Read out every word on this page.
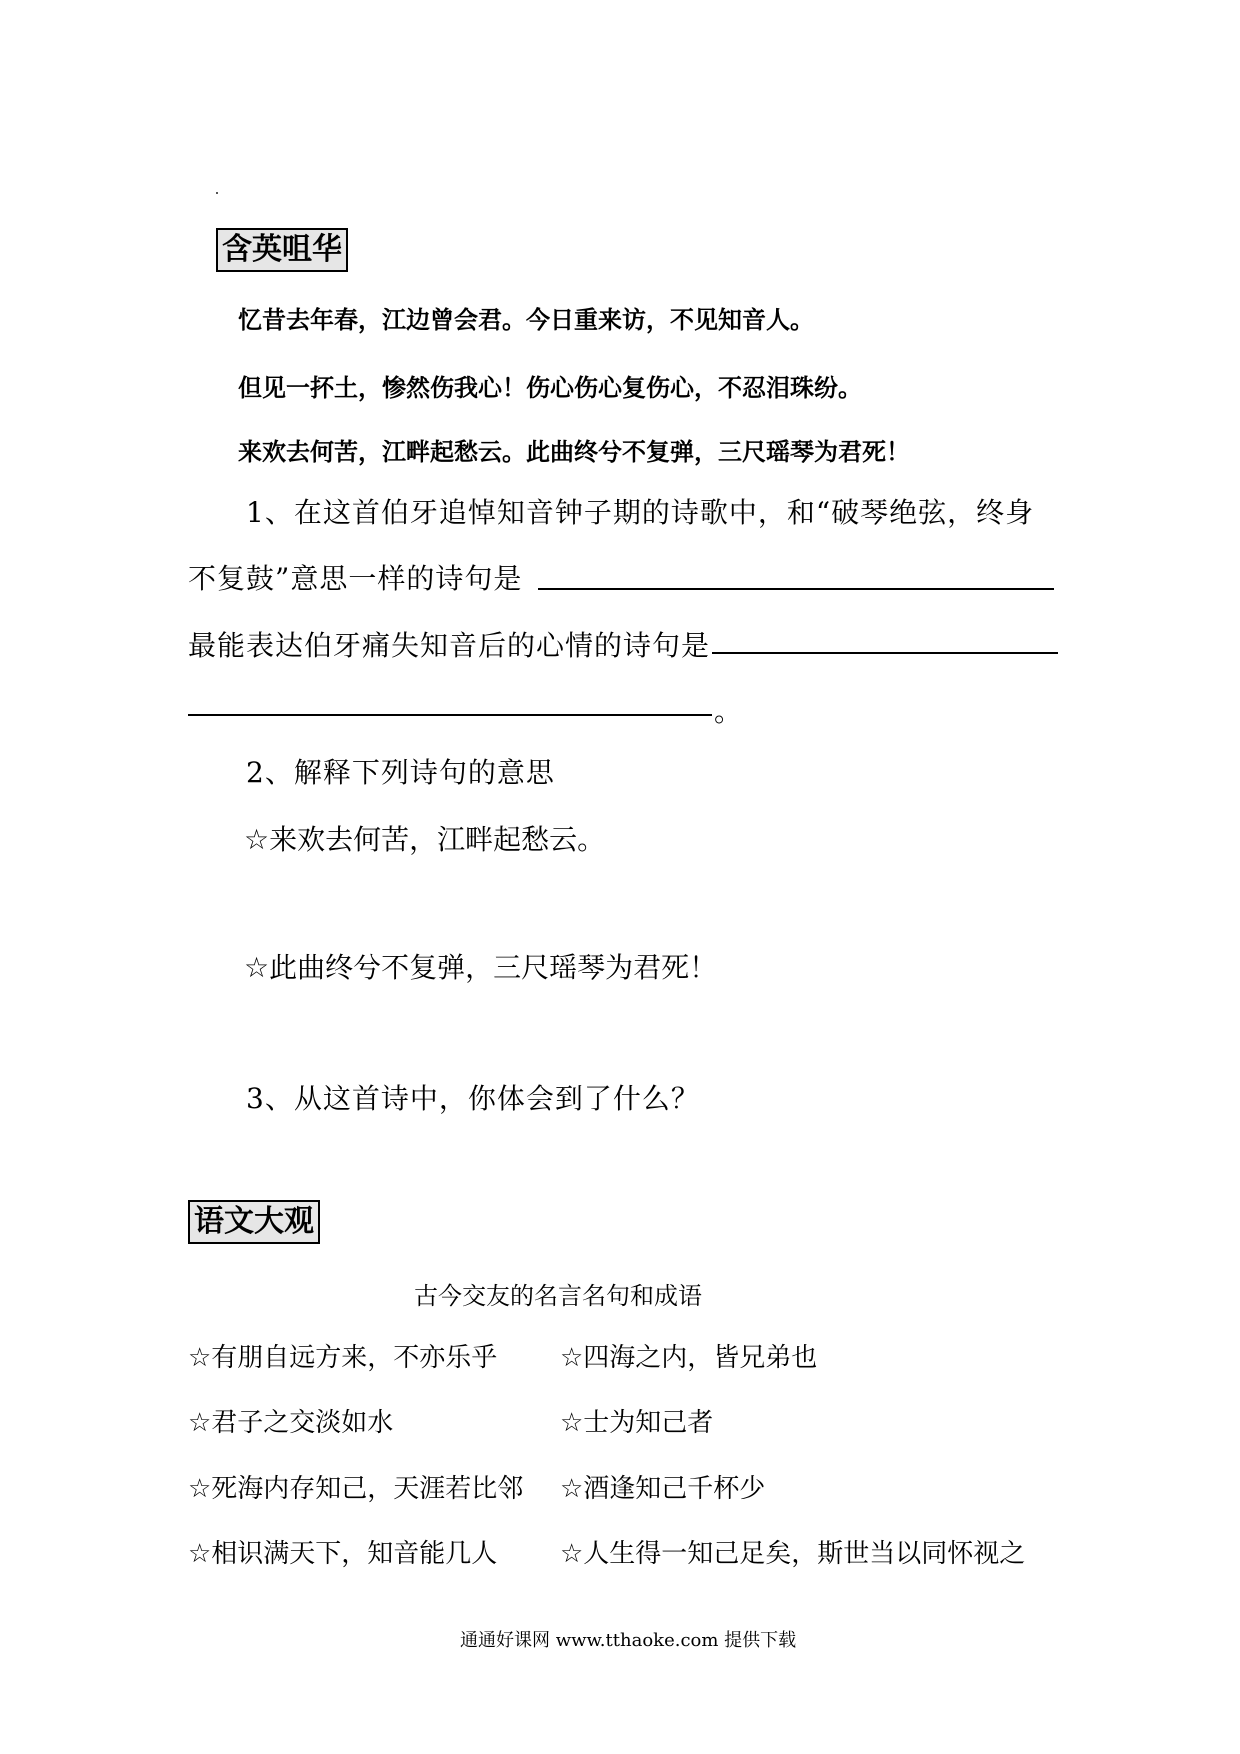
含英咀华
忆昔去年春，江边曾会君。今日重来访，不见知音人。
但见一抔土，惨然伤我心！伤心伤心复伤心，不忍泪珠纷。
来欢去何苦，江畔起愁云。此曲终兮不复弹，三尺瑶琴为君死！
1、在这首伯牙追悼知音钟子期的诗歌中，和“破琴绝弦，终身
不复鼓”意思一样的诗句是
最能表达伯牙痛失知音后的心情的诗句是
。
2、解释下列诗句的意思
☆来欢去何苦，江畔起愁云。
☆此曲终兮不复弹，三尺瑶琴为君死！
3、从这首诗中，你体会到了什么？
语文大观
古今交友的名言名句和成语
☆有朋自远方来，不亦乐乎 ☆四海之内，皆兄弟也
☆君子之交淡如水	☆士为知己者
☆死海内存知己，天涯若比邻 ☆酒逢知己千杯少
☆相识满天下，知音能几人 ☆人生得一知己足矣，斯世当以同怀视之
通通好课网 www.tthaoke.com 提供下载
